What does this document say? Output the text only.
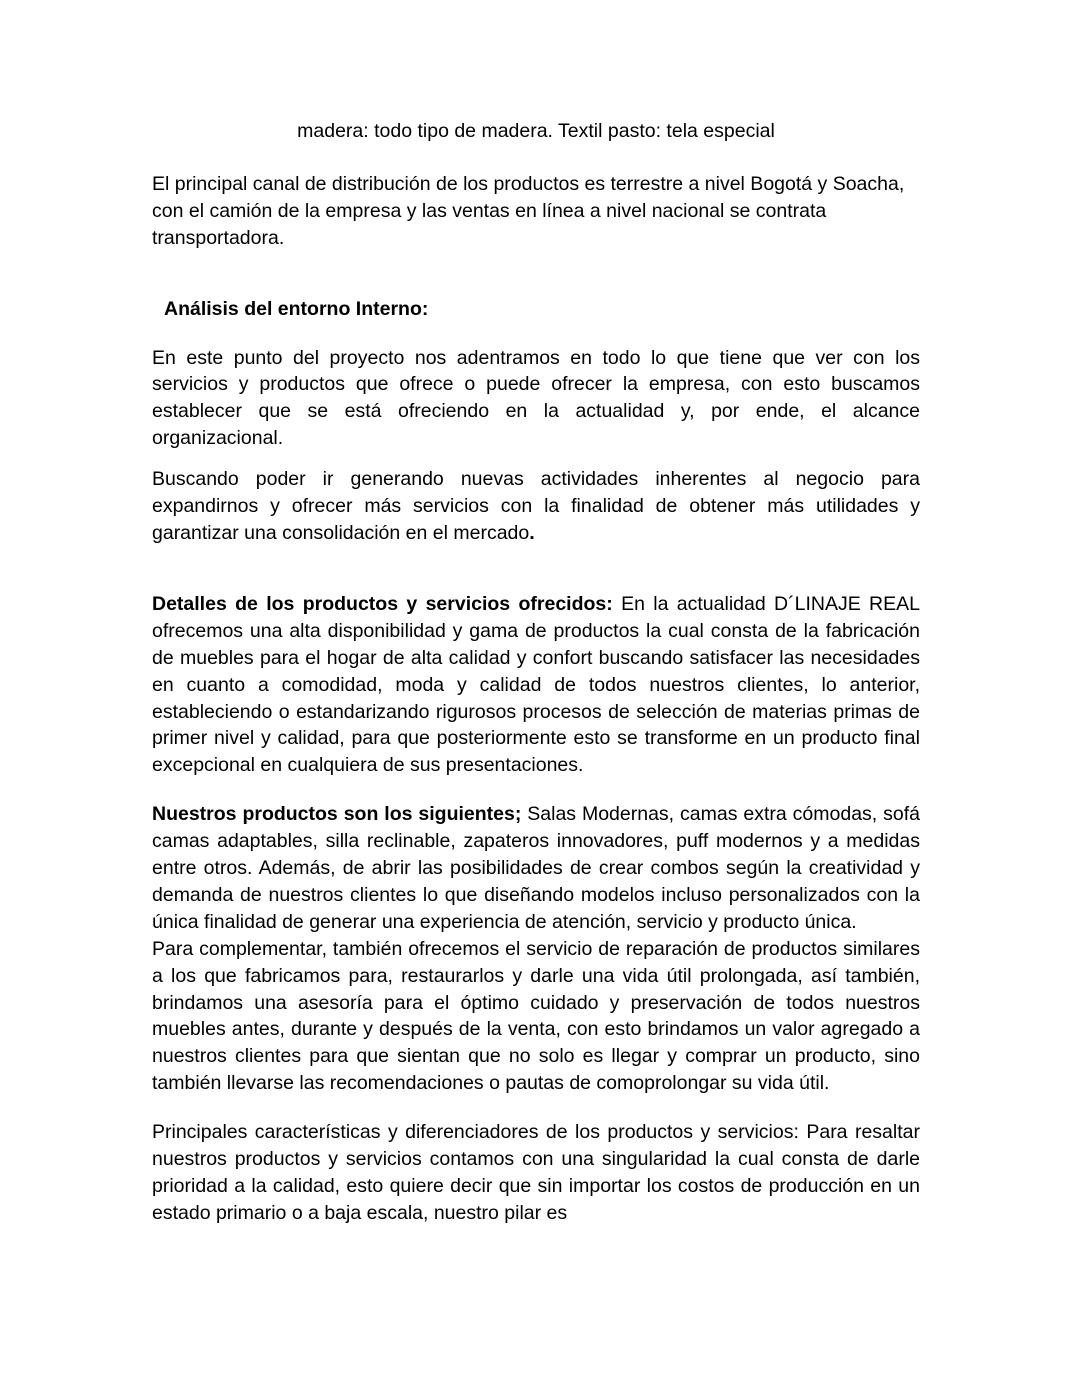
madera: todo tipo de madera. Textil pasto: tela especial

El principal canal de distribución de los productos es terrestre a nivel Bogotá y Soacha, con el camión de la empresa y las ventas en línea a nivel nacional se contrata transportadora.

Análisis del entorno Interno:

En este punto del proyecto nos adentramos en todo lo que tiene que ver con los servicios y productos que ofrece o puede ofrecer la empresa, con esto buscamos establecer que se está ofreciendo en la actualidad y, por ende, el alcance organizacional.

Buscando poder ir generando nuevas actividades inherentes al negocio para expandirnos y ofrecer más servicios con la finalidad de obtener más utilidades y garantizar una consolidación en el mercado.

Detalles de los productos y servicios ofrecidos: En la actualidad D´LINAJE REAL ofrecemos una alta disponibilidad y gama de productos la cual consta de la fabricación de muebles para el hogar de alta calidad y confort buscando satisfacer las necesidades en cuanto a comodidad, moda y calidad de todos nuestros clientes, lo anterior, estableciendo o estandarizando rigurosos procesos de selección de materias primas de primer nivel y calidad, para que posteriormente esto se transforme en un producto final excepcional en cualquiera de sus presentaciones.

Nuestros productos son los siguientes; Salas Modernas, camas extra cómodas, sofá camas adaptables, silla reclinable, zapateros innovadores, puff modernos y a medidas entre otros. Además, de abrir las posibilidades de crear combos según la creatividad y demanda de nuestros clientes lo que diseñando modelos incluso personalizados con la única finalidad de generar una experiencia de atención, servicio y producto única.

Para complementar, también ofrecemos el servicio de reparación de productos similares a los que fabricamos para, restaurarlos y darle una vida útil prolongada, así también, brindamos una asesoría para el óptimo cuidado y preservación de todos nuestros muebles antes, durante y después de la venta, con esto brindamos un valor agregado a nuestros clientes para que sientan que no solo es llegar y comprar un producto, sino también llevarse las recomendaciones o pautas de comoprolongar su vida útil.

Principales características y diferenciadores de los productos y servicios: Para resaltar nuestros productos y servicios contamos con una singularidad la cual consta de darle prioridad a la calidad, esto quiere decir que sin importar los costos de producción en un estado primario o a baja escala, nuestro pilar es
